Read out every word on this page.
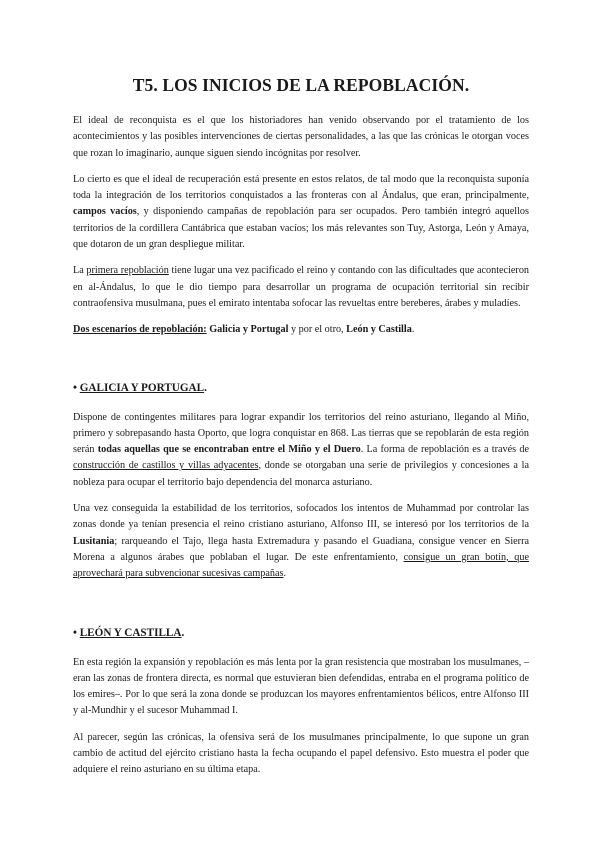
T5. LOS INICIOS DE LA REPOBLACIÓN.

El ideal de reconquista es el que los historiadores han venido observando por el tratamiento de los acontecimientos y las posibles intervenciones de ciertas personalidades, a las que las crónicas le otorgan voces que rozan lo imaginario, aunque siguen siendo incógnitas por resolver.

Lo cierto es que el ideal de recuperación está presente en estos relatos, de tal modo que la reconquista suponía toda la integración de los territorios conquistados a las fronteras con al Ándalus, que eran, principalmente, campos vacíos, y disponiendo campañas de repoblación para ser ocupados. Pero también integró aquellos territorios de la cordillera Cantábrica que estaban vacíos; los más relevantes son Tuy, Astorga, León y Amaya, que dotaron de un gran despliegue militar.

La primera repoblación tiene lugar una vez pacificado el reino y contando con las dificultades que acontecieron en al-Ándalus, lo que le dio tiempo para desarrollar un programa de ocupación territorial sin recibir contraofensiva musulmana, pues el emirato intentaba sofocar las revueltas entre bereberes, árabes y muladíes.

Dos escenarios de repoblación: Galicia y Portugal y por el otro, León y Castilla.

• GALICIA Y PORTUGAL.

Dispone de contingentes militares para lograr expandir los territorios del reino asturiano, llegando al Miño, primero y sobrepasando hasta Oporto, que logra conquistar en 868. Las tierras que se repoblarán de esta región serán todas aquellas que se encontraban entre el Miño y el Duero. La forma de repoblación es a través de construcción de castillos y villas adyacentes, donde se otorgaban una serie de privilegios y concesiones a la nobleza para ocupar el territorio bajo dependencia del monarca asturiano.

Una vez conseguida la estabilidad de los territorios, sofocados los intentos de Muhammad por controlar las zonas donde ya tenían presencia el reino cristiano asturiano, Alfonso III, se interesó por los territorios de la Lusitania; rarqueando el Tajo, llega hasta Extremadura y pasando el Guadiana, consigue vencer en Sierra Morena a algunos árabes que poblaban el lugar. De este enfrentamiento, consigue un gran botín, que aprovechará para subvencionar sucesivas campañas.

• LEÓN Y CASTILLA.

En esta región la expansión y repoblación es más lenta por la gran resistencia que mostraban los musulmanes, –eran las zonas de frontera directa, es normal que estuvieran bien defendidas, entraba en el programa político de los emires–. Por lo que será la zona donde se produzcan los mayores enfrentamientos bélicos, entre Alfonso III y al-Mundhir y el sucesor Muhammad I.

Al parecer, según las crónicas, la ofensiva será de los musulmanes principalmente, lo que supone un gran cambio de actitud del ejército cristiano hasta la fecha ocupando el papel defensivo. Esto muestra el poder que adquiere el reino asturiano en su última etapa.
